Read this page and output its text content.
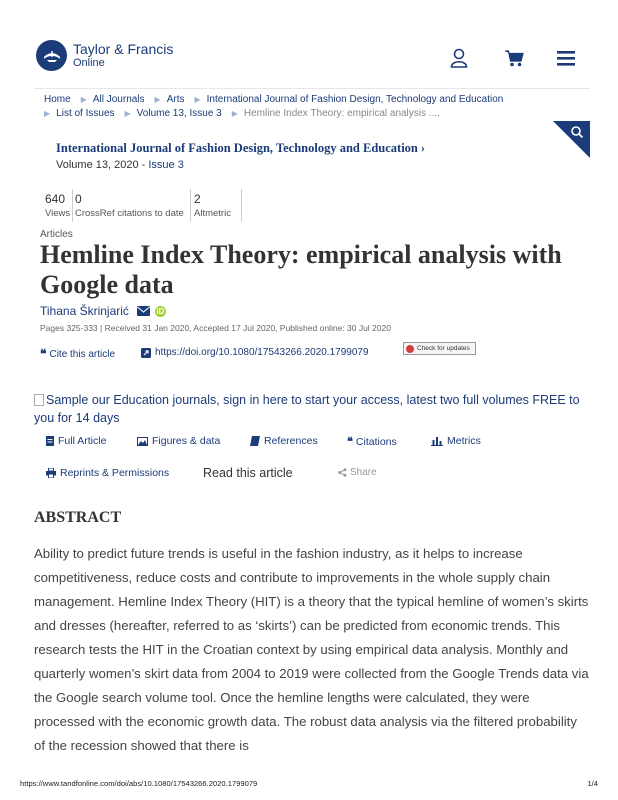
Taylor & Francis
Online
Home ▶ All Journals ▶ Arts ▶ International Journal of Fashion Design, Technology and Education
▶ List of Issues ▶ Volume 13, Issue 3 ▶ Hemline Index Theory: empirical analysis ....
International Journal of Fashion Design, Technology and Education ›
Volume 13, 2020 - Issue 3
640
Views
0
CrossRef citations to date
2
Altmetric
Articles
Hemline Index Theory: empirical analysis with Google data
Tihana Škrinjarić	iD
Pages 325-333 | Received 31 Jan 2020, Accepted 17 Jul 2020, Published online: 30 Jul 2020
❝ Cite this article	https://doi.org/10.1080/17543266.2020.1799079	Check for updates
Sample our Education journals, sign in here to start your access, latest two full volumes FREE to you for 14 days
Full Article	Figures & data	References	❝ Citations	Metrics
Reprints & Permissions	Read this article	Share
ABSTRACT

Ability to predict future trends is useful in the fashion industry, as it helps to increase competitiveness, reduce costs and contribute to improvements in the whole supply chain management. Hemline Index Theory (HIT) is a theory that the typical hemline of women’s skirts and dresses (hereafter, referred to as ‘skirts’) can be predicted from economic trends. This research tests the HIT in the Croatian context by using empirical data analysis. Monthly and quarterly women’s skirt data from 2004 to 2019 were collected from the Google Trends data via the Google search volume tool. Once the hemline lengths were calculated, they were processed with the economic growth data. The robust data analysis via the filtered probability of the recession showed that there is

https://www.tandfonline.com/doi/abs/10.1080/17543266.2020.1799079	1/4
